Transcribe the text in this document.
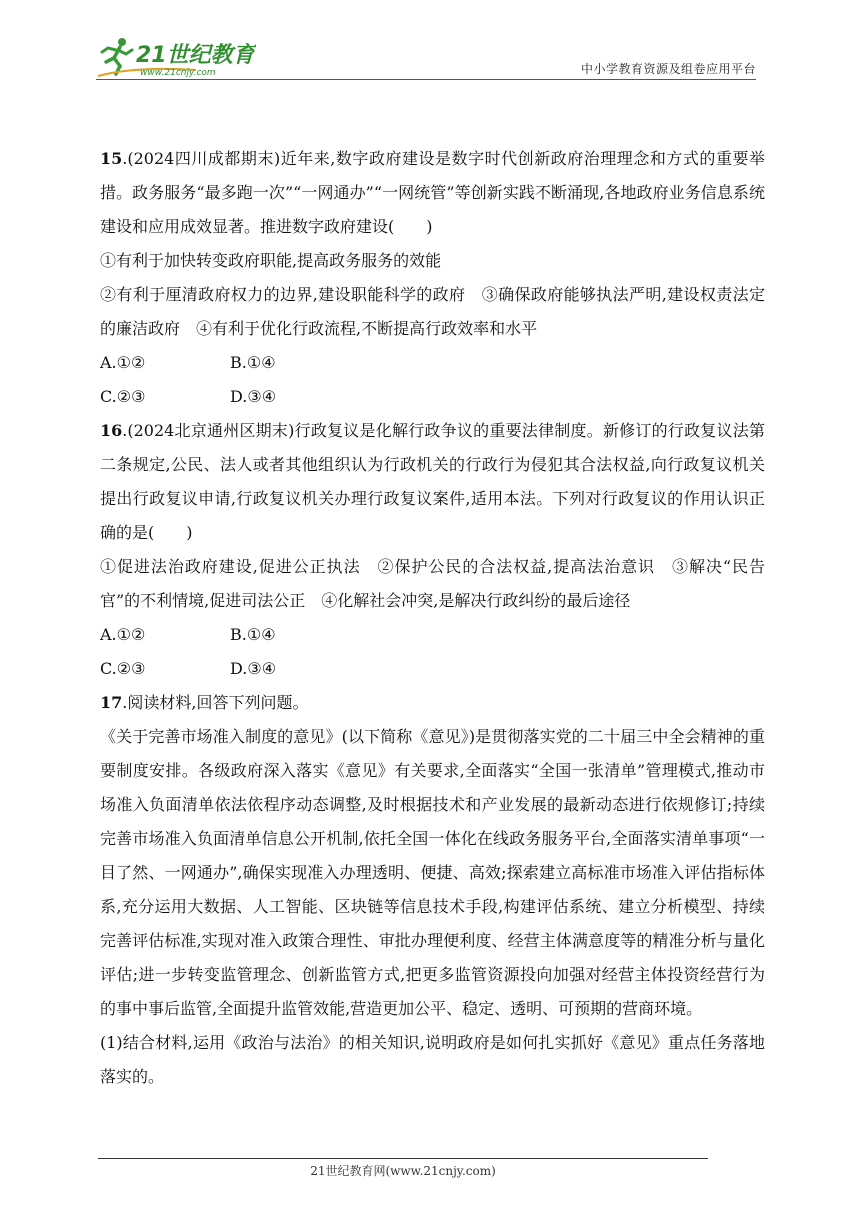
21世纪教育
www.21cnjy.com	中小学教育资源及组卷应用平台

15.(2024四川成都期末)近年来,数字政府建设是数字时代创新政府治理理念和方式的重要举措。政务服务“最多跑一次”“一网通办”“一网统管”等创新实践不断涌现,各地政府业务信息系统建设和应用成效显著。推进数字政府建设(　　)

①有利于加快转变政府职能,提高政务服务的效能

②有利于厘清政府权力的边界,建设职能科学的政府　③确保政府能够执法严明,建设权责法定的廉洁政府　④有利于优化行政流程,不断提高行政效率和水平

A.①②	B.①④
C.②③	D.③④

16.(2024北京通州区期末)行政复议是化解行政争议的重要法律制度。新修订的行政复议法第二条规定,公民、法人或者其他组织认为行政机关的行政行为侵犯其合法权益,向行政复议机关提出行政复议申请,行政复议机关办理行政复议案件,适用本法。下列对行政复议的作用认识正确的是(　　)

①促进法治政府建设,促进公正执法　②保护公民的合法权益,提高法治意识　③解决“民告官”的不利情境,促进司法公正　④化解社会冲突,是解决行政纠纷的最后途径

A.①②	B.①④
C.②③	D.③④

17.阅读材料,回答下列问题。

《关于完善市场准入制度的意见》(以下简称《意见》)是贯彻落实党的二十届三中全会精神的重要制度安排。各级政府深入落实《意见》有关要求,全面落实“全国一张清单”管理模式,推动市场准入负面清单依法依程序动态调整,及时根据技术和产业发展的最新动态进行依规修订;持续完善市场准入负面清单信息公开机制,依托全国一体化在线政务服务平台,全面落实清单事项“一目了然、一网通办”,确保实现准入办理透明、便捷、高效;探索建立高标准市场准入评估指标体系,充分运用大数据、人工智能、区块链等信息技术手段,构建评估系统、建立分析模型、持续完善评估标准,实现对准入政策合理性、审批办理便利度、经营主体满意度等的精准分析与量化评估;进一步转变监管理念、创新监管方式,把更多监管资源投向加强对经营主体投资经营行为的事中事后监管,全面提升监管效能,营造更加公平、稳定、透明、可预期的营商环境。

(1)结合材料,运用《政治与法治》的相关知识,说明政府是如何扎实抓好《意见》重点任务落地落实的。

21世纪教育网(www.21cnjy.com)
